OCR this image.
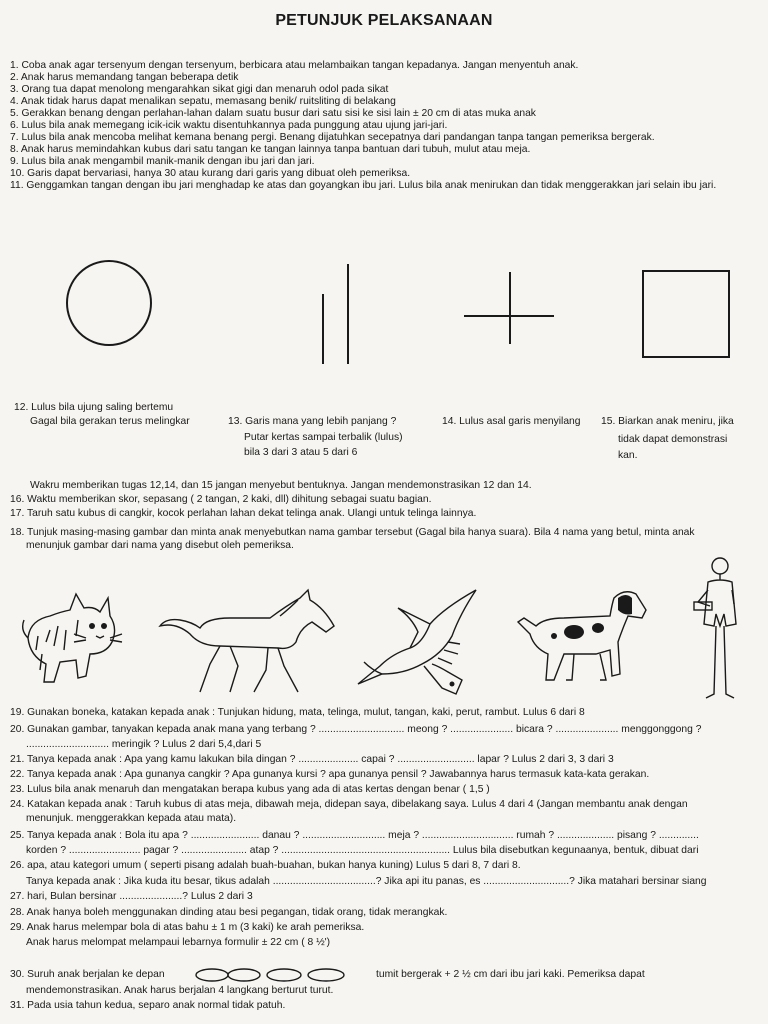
PETUNJUK PELAKSANAAN
1. Coba anak agar tersenyum dengan tersenyum, berbicara atau melambaikan tangan kepadanya. Jangan menyentuh anak.
2. Anak harus memandang tangan beberapa detik
3. Orang tua dapat menolong mengarahkan sikat gigi dan menaruh odol pada sikat
4. Anak tidak harus dapat menalikan sepatu, memasang benik/ ruitsliting di belakang
5. Gerakkan benang dengan perlahan-lahan dalam suatu busur dari satu sisi ke sisi lain ± 20 cm di atas muka anak
6. Lulus bila anak memegang icik-icik waktu disentuhkannya pada punggung atau ujung jari-jari.
7. Lulus bila anak mencoba melihat kemana benang pergi. Benang dijatuhkan secepatnya dari pandangan tanpa tangan pemeriksa bergerak.
8. Anak harus memindahkan kubus dari satu tangan ke tangan lainnya tanpa bantuan dari tubuh, mulut atau meja.
9. Lulus bila anak mengambil manik-manik dengan ibu jari dan jari.
10. Garis dapat bervariasi, hanya 30 atau kurang dari garis yang dibuat oleh pemeriksa.
11. Genggamkan tangan dengan ibu jari menghadap ke atas dan goyangkan ibu jari. Lulus bila anak menirukan dan tidak menggerakkan jari selain ibu jari.
12. Lulus bila ujung saling bertemu
Gagal bila gerakan terus melingkar	13. Garis mana yang lebih panjang ?
Putar kertas sampai terbalik (lulus)
bila 3 dari 3 atau 5 dari 6
14. Lulus asal garis menyilang 15. Biarkan anak meniru, jika
tidak dapat demonstrasi
kan.
Wakru memberikan tugas 12,14, dan 15 jangan menyebut bentuknya. Jangan mendemonstrasikan 12 dan 14.
16. Waktu memberikan skor, sepasang ( 2 tangan, 2 kaki, dll) dihitung sebagai suatu bagian.
17. Taruh satu kubus di cangkir, kocok perlahan lahan dekat telinga anak. Ulangi untuk telinga lainnya.
18. Tunjuk masing-masing gambar dan minta anak menyebutkan nama gambar tersebut (Gagal bila hanya suara). Bila 4 nama yang betul, minta anak
menunjuk gambar dari nama yang disebut oleh pemeriksa.
19. Gunakan boneka, katakan kepada anak : Tunjukan hidung, mata, telinga, mulut, tangan, kaki, perut, rambut. Lulus 6 dari 8
20. Gunakan gambar, tanyakan kepada anak mana yang terbang ? .............................. meong ? ...................... bicara ? ...................... menggonggong ?
............................. meringik ? Lulus 2 dari 5,4,dari 5
21. Tanya kepada anak : Apa yang kamu lakukan bila dingan ? ..................... capai ? ........................... lapar ? Lulus 2 dari 3, 3 dari 3
22. Tanya kepada anak : Apa gunanya cangkir ? Apa gunanya kursi ? apa gunanya pensil ? Jawabannya harus termasuk kata-kata gerakan.
23. Lulus bila anak menaruh dan mengatakan berapa kubus yang ada di atas kertas dengan benar ( 1,5 )
24. Katakan kepada anak : Taruh kubus di atas meja, dibawah meja, didepan saya, dibelakang saya. Lulus 4 dari 4 (Jangan membantu anak dengan
menunjuk. menggerakkan kepada atau mata).
25. Tanya kepada anak : Bola itu apa ? ........................ danau ? ............................. meja ? ................................ rumah ? .................... pisang ? ..............
korden ? ......................... pagar ? ....................... atap ? ........................................................... Lulus bila disebutkan kegunaanya, bentuk, dibuat dari
26. apa, atau kategori umum ( seperti pisang adalah buah-buahan, bukan hanya kuning) Lulus 5 dari 8, 7 dari 8.
Tanya kepada anak : Jika kuda itu besar, tikus adalah ....................................? Jika api itu panas, es ..............................? Jika matahari bersinar siang
27. hari, Bulan bersinar ......................? Lulus 2 dari 3
28. Anak hanya boleh menggunakan dinding atau besi pegangan, tidak orang, tidak merangkak.
29. Anak harus melempar bola di atas bahu ± 1 m (3 kaki) ke arah pemeriksa.
Anak harus melompat melampaui lebarnya formulir ± 22 cm ( 8 ½')
30. Suruh anak berjalan ke depan	tumit bergerak + 2 ½ cm dari ibu jari kaki. Pemeriksa dapat
mendemonstrasikan. Anak harus berjalan 4 langkang berturut turut.
31. Pada usia tahun kedua, separo anak normal tidak patuh.
